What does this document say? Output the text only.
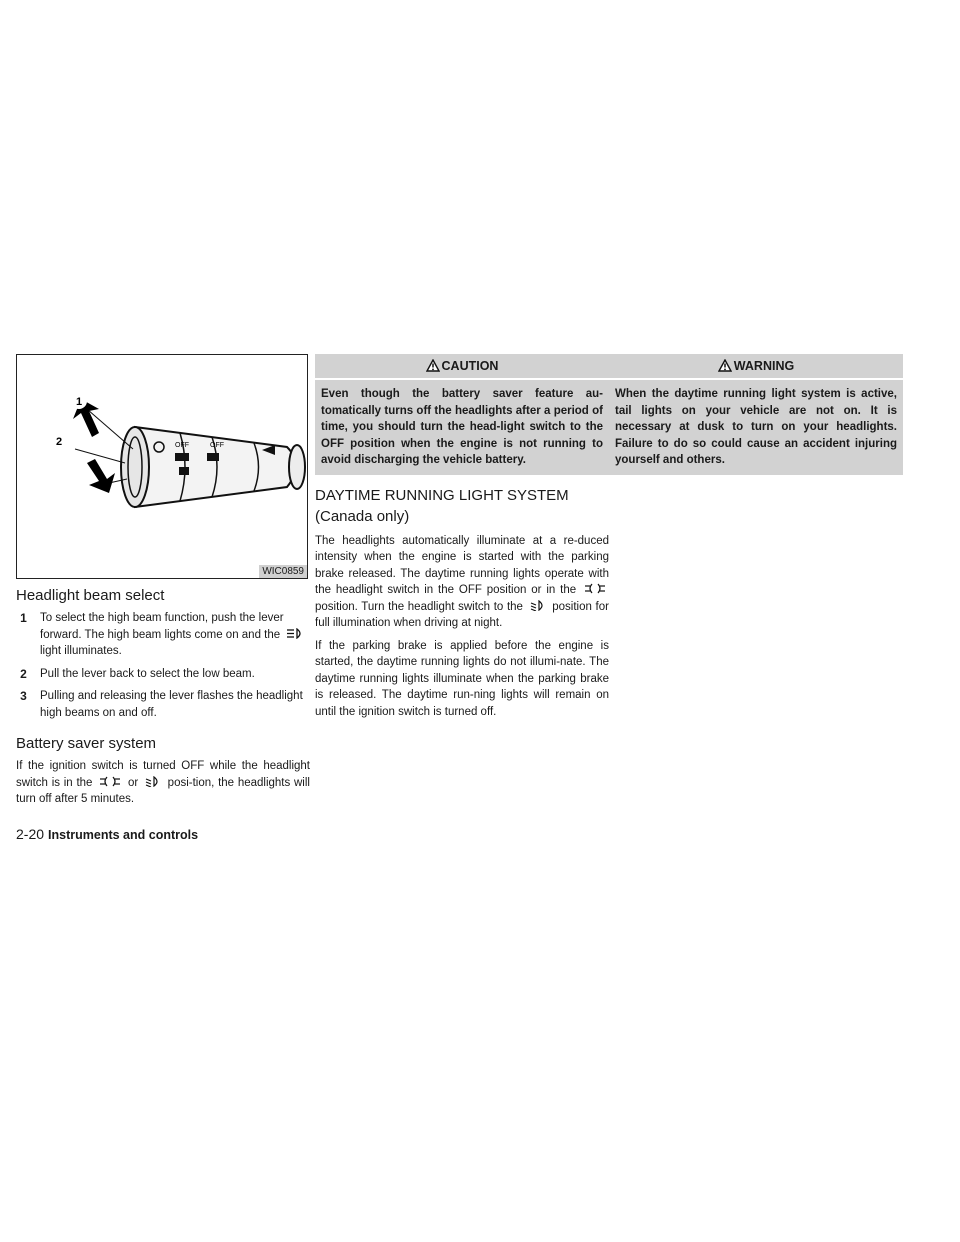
OFF	OFF
1
2
3
WIC0859
Headlight beam select
1	To select the high beam function, push the lever forward. The high beam lights come on and the  light illuminates.
2	Pull the lever back to select the low beam.
3	Pulling and releasing the lever flashes the headlight high beams on and off.
Battery saver system

If the ignition switch is turned OFF while the headlight switch is in the	or	posi-tion, the headlights will turn off after 5 minutes.

CAUTION
Even though the battery saver feature au-tomatically turns off the headlights after a period of time, you should turn the head-light switch to the OFF position when the engine is not running to avoid discharging the vehicle battery.
DAYTIME RUNNING LIGHT SYSTEM (Canada only)

The headlights automatically illuminate at a re-duced intensity when the engine is started with the parking brake released. The daytime running lights operate with the headlight switch in the OFF position or in the  position. Turn the headlight switch to the	position for full illumination when driving at night.

If the parking brake is applied before the engine is started, the daytime running lights do not illumi-nate. The daytime running lights illuminate when the parking brake is released. The daytime run-ning lights will remain on until the ignition switch is turned off.

WARNING
When the daytime running light system is active, tail lights on your vehicle are not on. It is necessary at dusk to turn on your headlights. Failure to do so could cause an accident injuring yourself and others.
2-20 Instruments and controls
